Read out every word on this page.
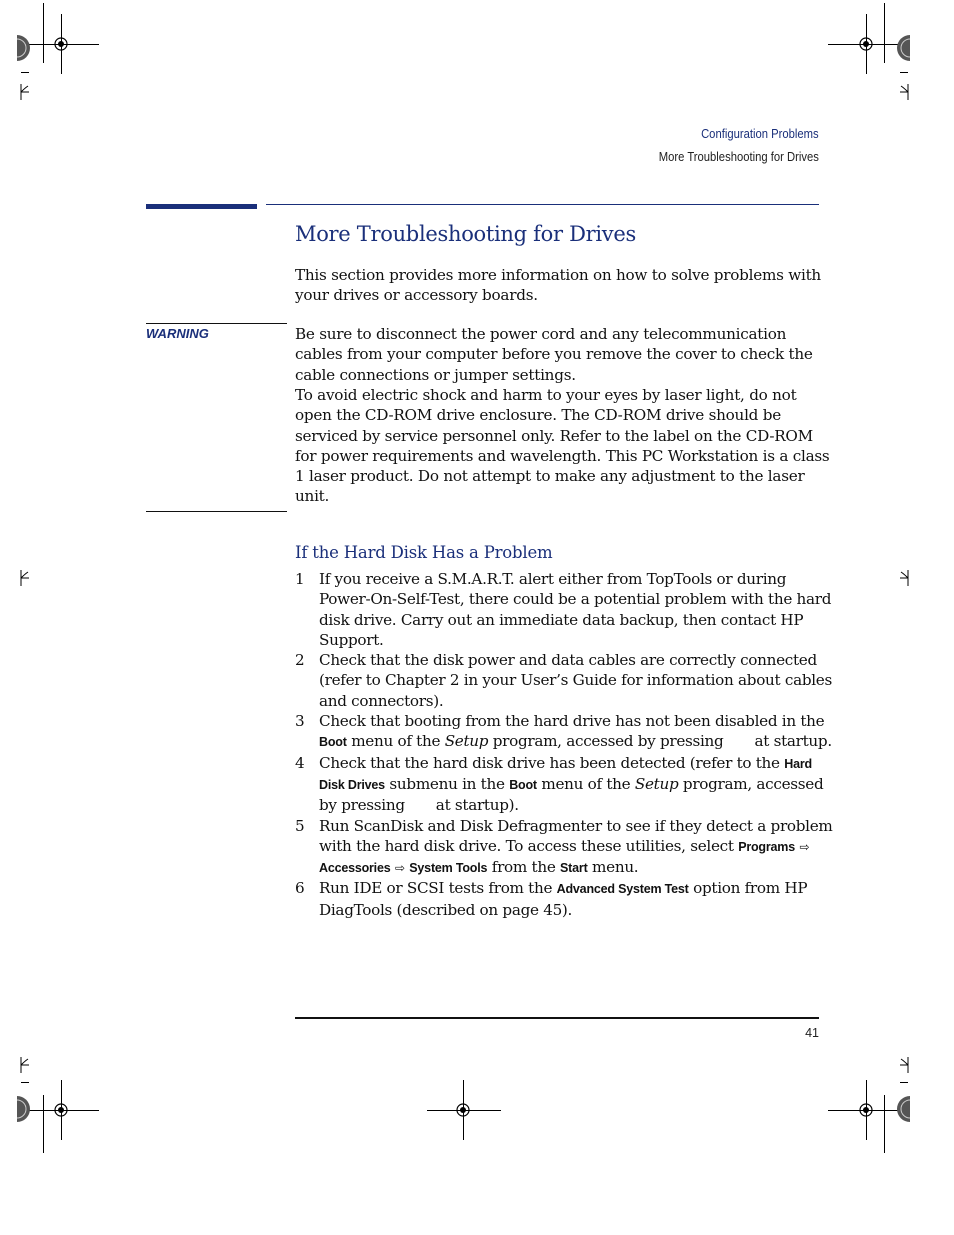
Configuration Problems
More Troubleshooting for Drives
More Troubleshooting for Drives

This section provides more information on how to solve problems with your drives or accessory boards.

WARNING	Be sure to disconnect the power cord and any telecommunication cables from your computer before you remove the cover to check the cable connections or jumper settings.

To avoid electric shock and harm to your eyes by laser light, do not open the CD-ROM drive enclosure. The CD-ROM drive should be serviced by service personnel only. Refer to the label on the CD-ROM for power requirements and wavelength. This PC Workstation is a class 1 laser product. Do not attempt to make any adjustment to the laser unit.

If the Hard Disk Has a Problem
1 If you receive a S.M.A.R.T. alert either from TopTools or during Power-On-Self-Test, there could be a potential problem with the hard disk drive. Carry out an immediate data backup, then contact HP Support.
2 Check that the disk power and data cables are correctly connected (refer to Chapter 2 in your User’s Guide for information about cables and connectors).
3 Check that booting from the hard drive has not been disabled in the Boot menu of the Setup program, accessed by pressing  at startup.
4 Check that the hard disk drive has been detected (refer to the Hard Disk Drives submenu in the Boot menu of the Setup program, accessed by pressing  at startup).
5 Run ScanDisk and Disk Defragmenter to see if they detect a problem with the hard disk drive. To access these utilities, select Programs ⇨ Accessories ⇨ System Tools from the Start menu.
6 Run IDE or SCSI tests from the Advanced System Test option from HP DiagTools (described on page 45).
41
